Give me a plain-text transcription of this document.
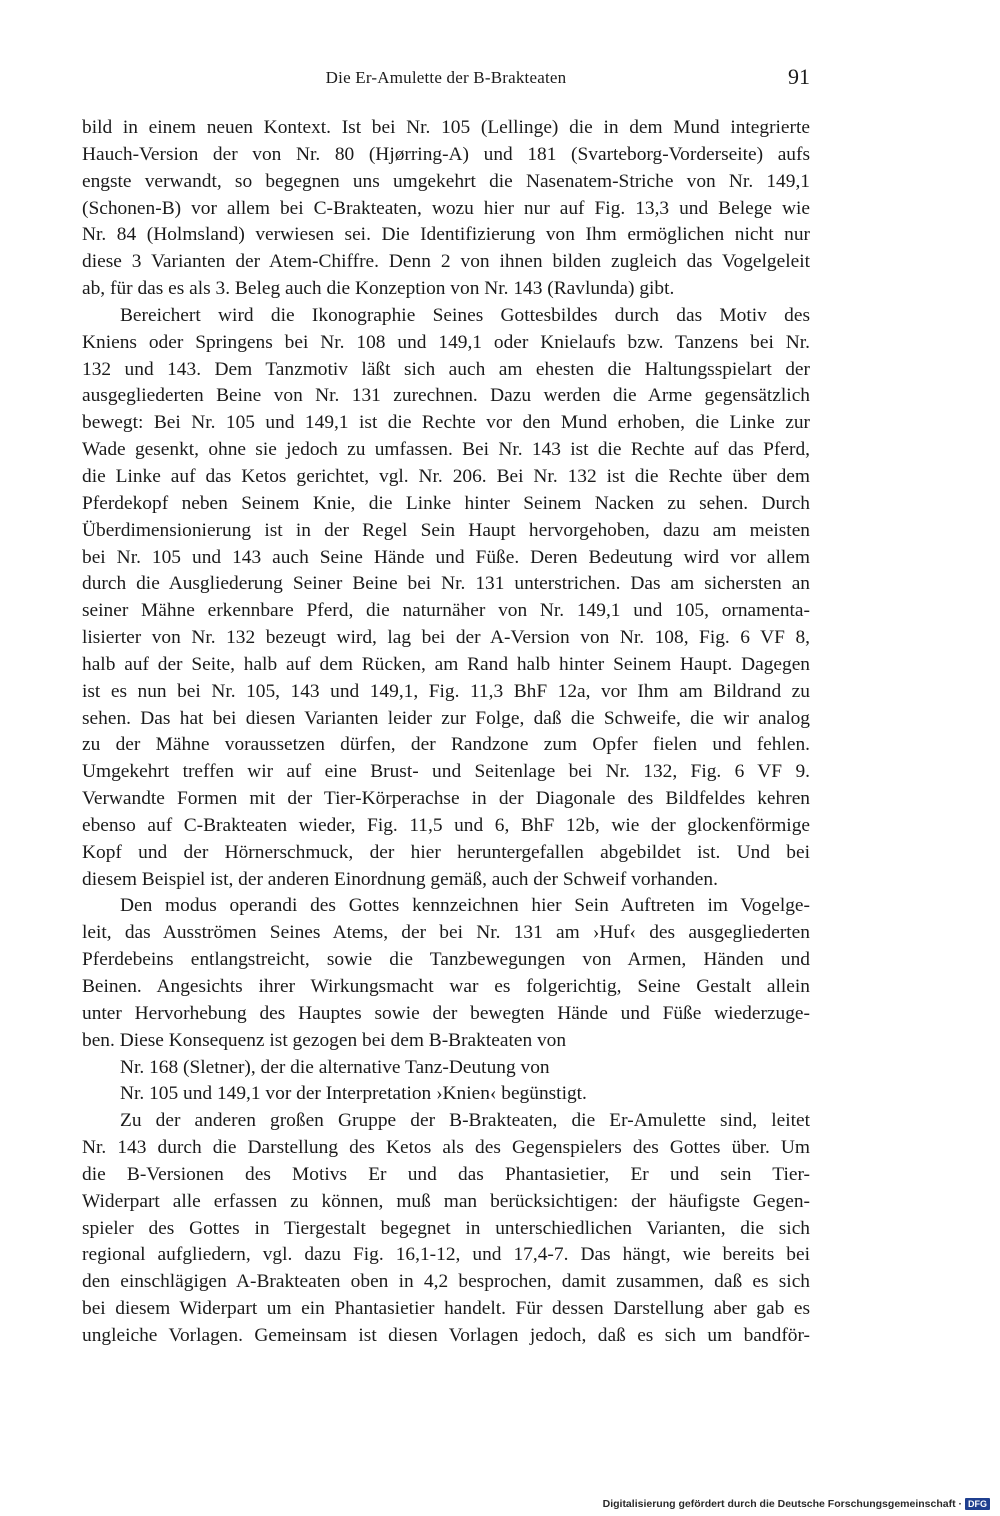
Die Er-Amulette der B-Brakteaten	91
bild in einem neuen Kontext. Ist bei Nr. 105 (Lellinge) die in dem Mund integrierte
Hauch-Version der von Nr. 80 (Hjørring-A) und 181 (Svarteborg-Vorderseite) aufs
engste verwandt, so begegnen uns umgekehrt die Nasenatem-Striche von Nr. 149,1
(Schonen-B) vor allem bei C-Brakteaten, wozu hier nur auf Fig. 13,3 und Belege wie
Nr. 84 (Holmsland) verwiesen sei. Die Identifizierung von Ihm ermöglichen nicht nur
diese 3 Varianten der Atem-Chiffre. Denn 2 von ihnen bilden zugleich das Vogelgeleit
ab, für das es als 3. Beleg auch die Konzeption von Nr. 143 (Ravlunda) gibt.
Bereichert wird die Ikonographie Seines Gottesbildes durch das Motiv des
Kniens oder Springens bei Nr. 108 und 149,1 oder Knielaufs bzw. Tanzens bei Nr.
132 und 143. Dem Tanzmotiv läßt sich auch am ehesten die Haltungsspielart der
ausgegliederten Beine von Nr. 131 zurechnen. Dazu werden die Arme gegensätzlich
bewegt: Bei Nr. 105 und 149,1 ist die Rechte vor den Mund erhoben, die Linke zur
Wade gesenkt, ohne sie jedoch zu umfassen. Bei Nr. 143 ist die Rechte auf das Pferd,
die Linke auf das Ketos gerichtet, vgl. Nr. 206. Bei Nr. 132 ist die Rechte über dem
Pferdekopf neben Seinem Knie, die Linke hinter Seinem Nacken zu sehen. Durch
Überdimensionierung ist in der Regel Sein Haupt hervorgehoben, dazu am meisten
bei Nr. 105 und 143 auch Seine Hände und Füße. Deren Bedeutung wird vor allem
durch die Ausgliederung Seiner Beine bei Nr. 131 unterstrichen. Das am sichersten an
seiner Mähne erkennbare Pferd, die naturnäher von Nr. 149,1 und 105, ornamenta-
lisierter von Nr. 132 bezeugt wird, lag bei der A-Version von Nr. 108, Fig. 6 VF 8,
halb auf der Seite, halb auf dem Rücken, am Rand halb hinter Seinem Haupt. Dagegen
ist es nun bei Nr. 105, 143 und 149,1, Fig. 11,3 BhF 12a, vor Ihm am Bildrand zu
sehen. Das hat bei diesen Varianten leider zur Folge, daß die Schweife, die wir analog
zu der Mähne voraussetzen dürfen, der Randzone zum Opfer fielen und fehlen.
Umgekehrt treffen wir auf eine Brust- und Seitenlage bei Nr. 132, Fig. 6 VF 9.
Verwandte Formen mit der Tier-Körperachse in der Diagonale des Bildfeldes kehren
ebenso auf C-Brakteaten wieder, Fig. 11,5 und 6, BhF 12b, wie der glockenförmige
Kopf und der Hörnerschmuck, der hier heruntergefallen abgebildet ist. Und bei
diesem Beispiel ist, der anderen Einordnung gemäß, auch der Schweif vorhanden.
Den modus operandi des Gottes kennzeichnen hier Sein Auftreten im Vogelge-
leit, das Ausströmen Seines Atems, der bei Nr. 131 am ›Huf‹ des ausgegliederten
Pferdebeins entlangstreicht, sowie die Tanzbewegungen von Armen, Händen und
Beinen. Angesichts ihrer Wirkungsmacht war es folgerichtig, Seine Gestalt allein
unter Hervorhebung des Hauptes sowie der bewegten Hände und Füße wiederzuge-
ben. Diese Konsequenz ist gezogen bei dem B-Brakteaten von
Nr. 168 (Sletner), der die alternative Tanz-Deutung von
Nr. 105 und 149,1 vor der Interpretation ›Knien‹ begünstigt.
Zu der anderen großen Gruppe der B-Brakteaten, die Er-Amulette sind, leitet
Nr. 143 durch die Darstellung des Ketos als des Gegenspielers des Gottes über. Um
die B-Versionen des Motivs Er und das Phantasietier, Er und sein Tier-
Widerpart alle erfassen zu können, muß man berücksichtigen: der häufigste Gegen-
spieler des Gottes in Tiergestalt begegnet in unterschiedlichen Varianten, die sich
regional aufgliedern, vgl. dazu Fig. 16,1-12, und 17,4-7. Das hängt, wie bereits bei
den einschlägigen A-Brakteaten oben in 4,2 besprochen, damit zusammen, daß es sich
bei diesem Widerpart um ein Phantasietier handelt. Für dessen Darstellung aber gab es
ungleiche Vorlagen. Gemeinsam ist diesen Vorlagen jedoch, daß es sich um bandför-
Digitalisierung gefördert durch die Deutsche Forschungsgemeinschaft · DFG
